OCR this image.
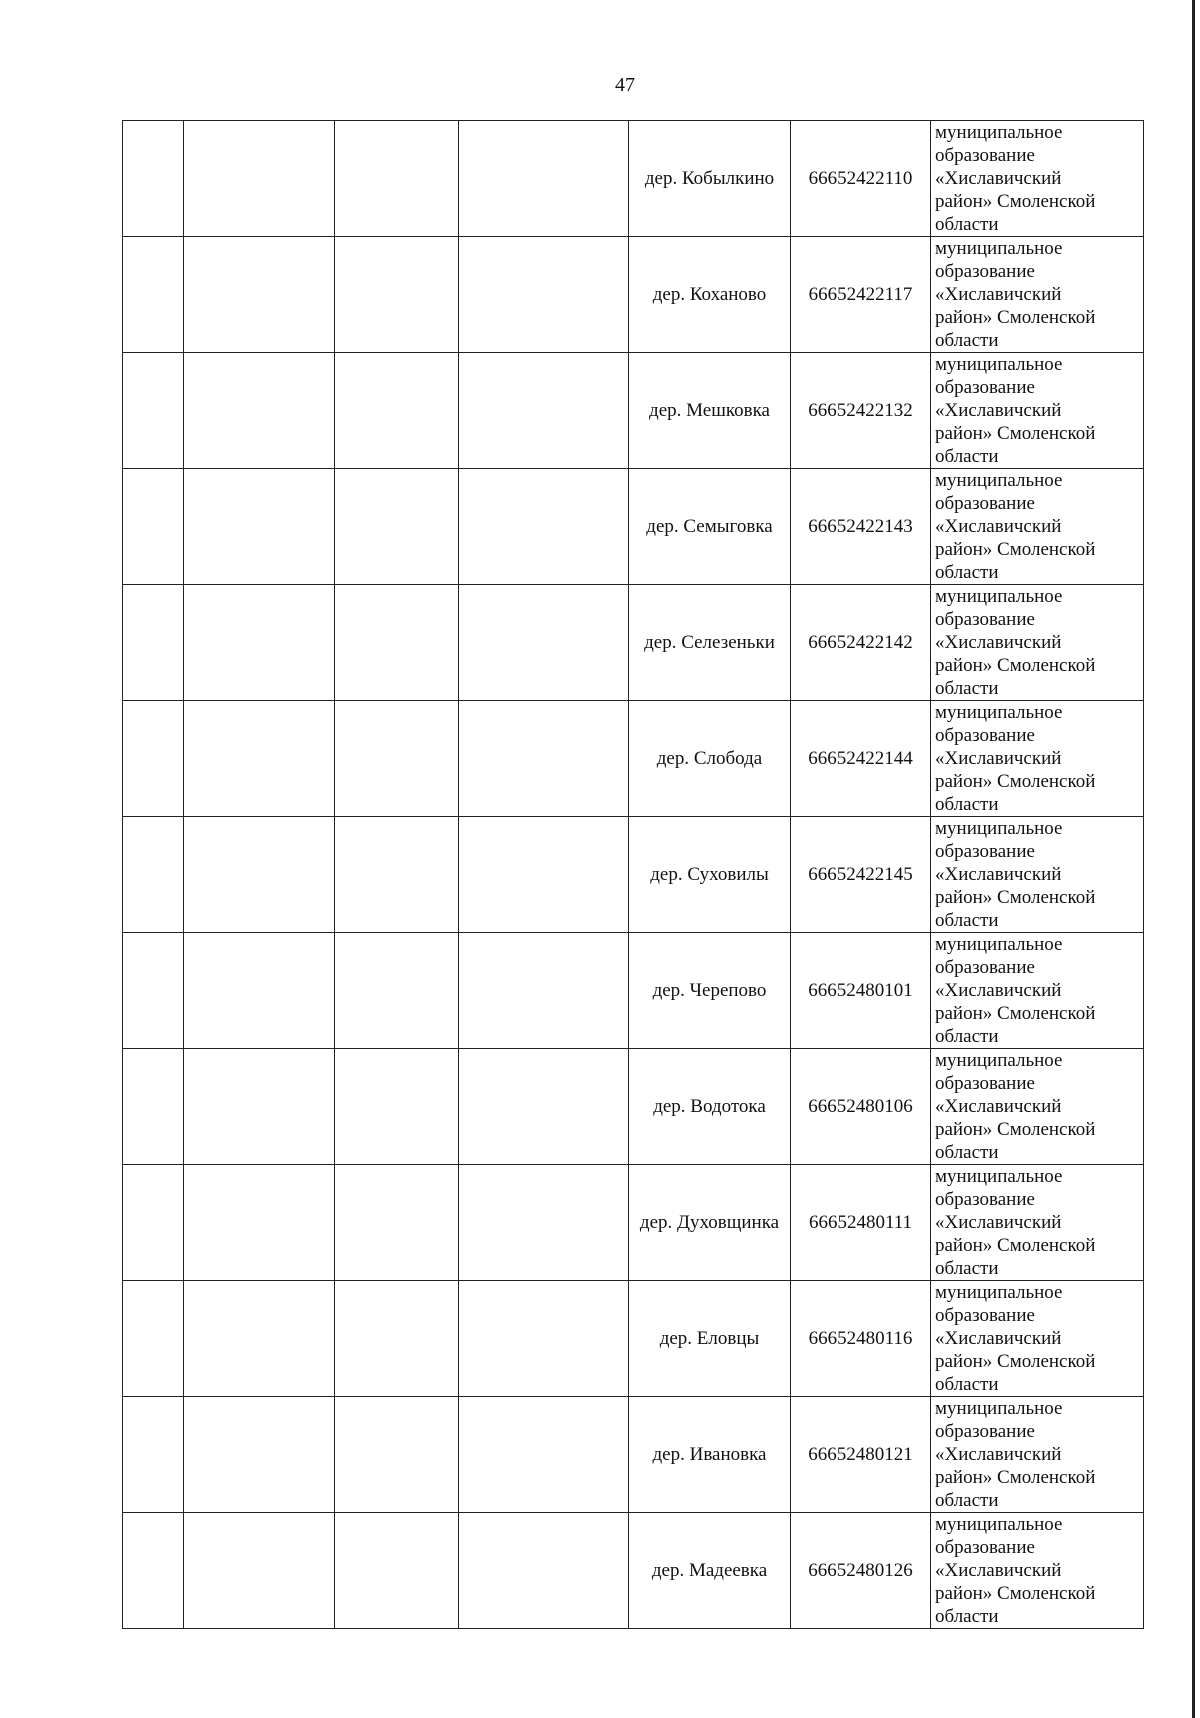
47
				дер. Кобылкино	66652422110	муниципальное
образование
«Хиславичский
район» Смоленской
области

				дер. Коханово	66652422117	муниципальное
образование
«Хиславичский
район» Смоленской
области

				дер. Мешковка	66652422132	муниципальное
образование
«Хиславичский
район» Смоленской
области

				дер. Семыговка	66652422143	муниципальное
образование
«Хиславичский
район» Смоленской
области

				дер. Селезеньки	66652422142	муниципальное
образование
«Хиславичский
район» Смоленской
области

				дер. Слобода	66652422144	муниципальное
образование
«Хиславичский
район» Смоленской
области

				дер. Суховилы	66652422145	муниципальное
образование
«Хиславичский
район» Смоленской
области

				дер. Черепово	66652480101	муниципальное
образование
«Хиславичский
район» Смоленской
области

				дер. Водотока	66652480106	муниципальное
образование
«Хиславичский
район» Смоленской
области

				дер. Духовщинка	66652480111	муниципальное
образование
«Хиславичский
район» Смоленской
области

				дер. Еловцы	66652480116	муниципальное
образование
«Хиславичский
район» Смоленской
области

				дер. Ивановка	66652480121	муниципальное
образование
«Хиславичский
район» Смоленской
области

				дер. Мадеевка	66652480126	муниципальное
образование
«Хиславичский
район» Смоленской
области
